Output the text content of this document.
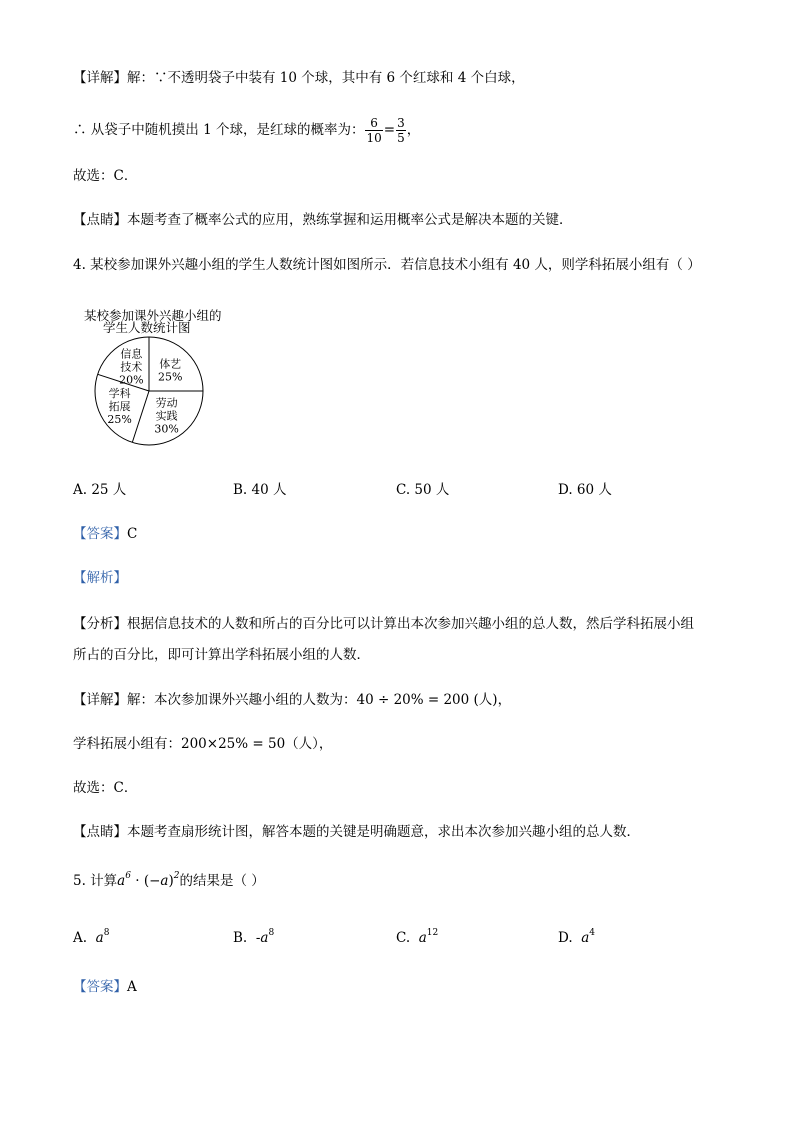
【详解】解：∵不透明袋子中装有 10 个球，其中有 6 个红球和 4 个白球，
∴ 从袋子中随机摸出 1 个球，是红球的概率为： $\frac{6}{10} = \frac{3}{5}$ ，
故选：C．
【点睛】本题考查了概率公式的应用，熟练掌握和运用概率公式是解决本题的关键．
4. 某校参加课外兴趣小组的学生人数统计图如图所示．若信息技术小组有 40 人，则学科拓展小组有（ ）
某校参加课外兴趣小组的
学生人数统计图
体艺
25%
劳动
实践
30%
学科
拓展
25%
信息
技术
20%
A. 25 人	B. 40 人	C. 50 人	D. 60 人
【答案】C
【解析】
【分析】根据信息技术的人数和所占的百分比可以计算出本次参加兴趣小组的总人数，然后学科拓展小组
所占的百分比，即可计算出学科拓展小组的人数．
【详解】解：本次参加课外兴趣小组的人数为：40 ÷ 20% = 200 (人)，
学科拓展小组有：200×25% = 50（人），
故选：C．
【点睛】本题考查扇形统计图，解答本题的关键是明确题意，求出本次参加兴趣小组的总人数．
5. 计算$a^6 \cdot (-a)^2$的结果是（ ）
A. $a^8$	B. $-a^8$	C. $a^{12}$	D. $a^4$
【答案】A
